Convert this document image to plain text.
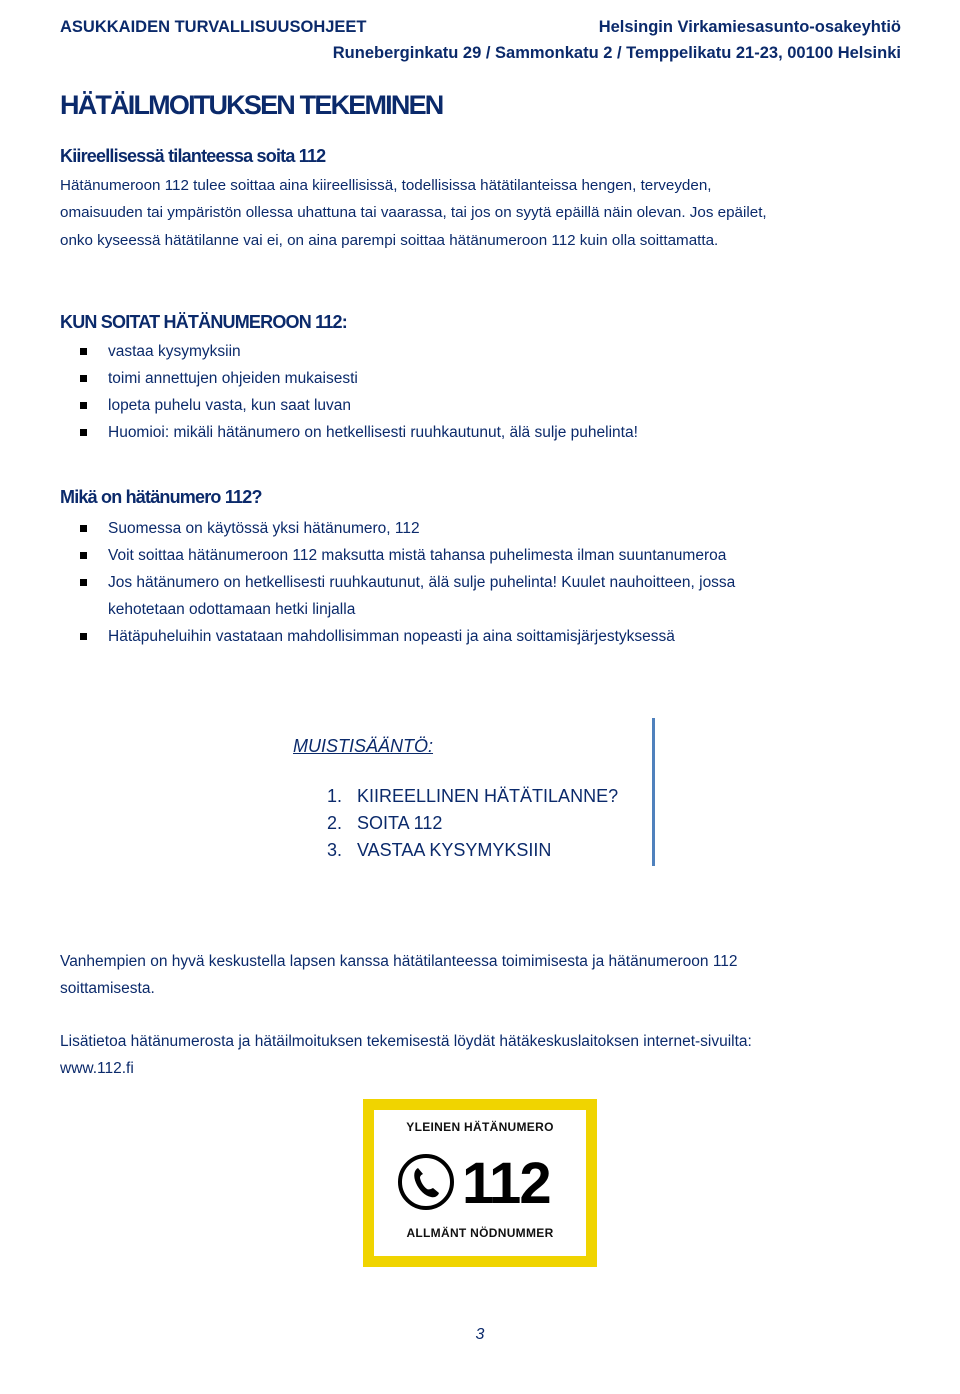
ASUKKAIDEN TURVALLISUUSOHJEET	Helsingin Virkamiesasunto-osakeyhtiö
Runeberginkatu 29 / Sammonkatu 2 / Temppelikatu 21-23, 00100 Helsinki
HÄTÄILMOITUKSEN TEKEMINEN
Kiireellisessä tilanteessa soita 112
Hätänumeroon 112 tulee soittaa aina kiireellisissä, todellisissa hätätilanteissa hengen, terveyden,
omaisuuden tai ympäristön ollessa uhattuna tai vaarassa, tai jos on syytä epäillä näin olevan. Jos epäilet,
onko kyseessä hätätilanne vai ei, on aina parempi soittaa hätänumeroon 112 kuin olla soittamatta.
KUN SOITAT HÄTÄNUMEROON 112:
vastaa kysymyksiin
toimi annettujen ohjeiden mukaisesti
lopeta puhelu vasta, kun saat luvan
Huomioi: mikäli hätänumero on hetkellisesti ruuhkautunut, älä sulje puhelinta!
Mikä on hätänumero 112?
Suomessa on käytössä yksi hätänumero, 112
Voit soittaa hätänumeroon 112 maksutta mistä tahansa puhelimesta ilman suuntanumeroa
Jos hätänumero on hetkellisesti ruuhkautunut, älä sulje puhelinta! Kuulet nauhoitteen, jossa
kehotetaan odottamaan hetki linjalla
Hätäpuheluihin vastataan mahdollisimman nopeasti ja aina soittamisjärjestyksessä
MUISTISÄÄNTÖ:
1. KIIREELLINEN HÄTÄTILANNE?
2. SOITA 112
3. VASTAA KYSYMYKSIIN
Vanhempien on hyvä keskustella lapsen kanssa hätätilanteessa toimimisesta ja hätänumeroon 112
soittamisesta.
Lisätietoa hätänumerosta ja hätäilmoituksen tekemisestä löydät hätäkeskuslaitoksen internet-sivuilta:
www.112.fi
YLEINEN HÄTÄNUMERO
112
ALLMÄNT NÖDNUMMER
3
